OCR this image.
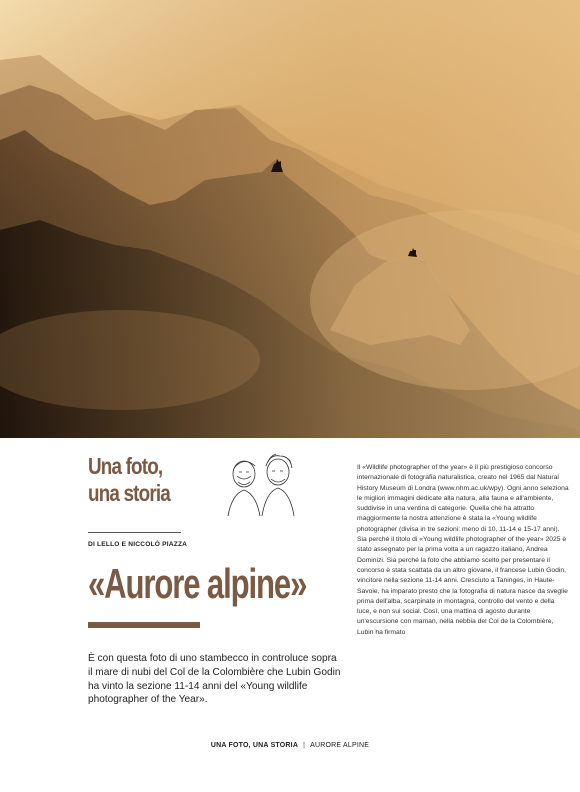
Una foto,
una storia
DI LELLO E NICCOLÒ PIAZZA
«Aurore alpine»
È con questa foto di uno stambecco in controluce sopra il mare di nubi del Col de la Colombière che Lubin Godin ha vinto la sezione 11-14 anni del «Young wildlife photographer of the Year».
Il «Wildlife photographer of the year» è il più prestigioso concorso internazionale di fotografia naturalistica, creato nel 1965 dal Natural History Museum di Londra (www.nhm.ac.uk/wpy). Ogni anno seleziona le migliori immagini dedicate alla natura, alla fauna e all'ambiente, suddivise in una ventina di categorie. Quella che ha attratto maggiormente la nostra attenzione è stata la «Young wildlife photographer (divisa in tre sezioni: meno di 10, 11-14 e 15-17 anni). Sia perché il titolo di «Young wildlife photographer of the year» 2025 è stato assegnato per la prima volta a un ragazzo italiano, Andrea Dominizi. Sia perché la foto che abbiamo scelto per presentare il concorso è stata scattata da un altro giovane, il francese Lubin Godin, vincitore nella sezione 11-14 anni. Cresciuto a Taninges, in Haute-Savoie, ha imparato presto che la fotografia di natura nasce da sveglie prima dell'alba, scarpinate in montagna, controllo del vento e della luce, e non sui social. Così, una mattina di agosto durante un'escursione con maman, nella nebbia del Col de la Colombière, Lubin ha firmato
UNA FOTO, UNA STORIA | AURORE ALPINE
